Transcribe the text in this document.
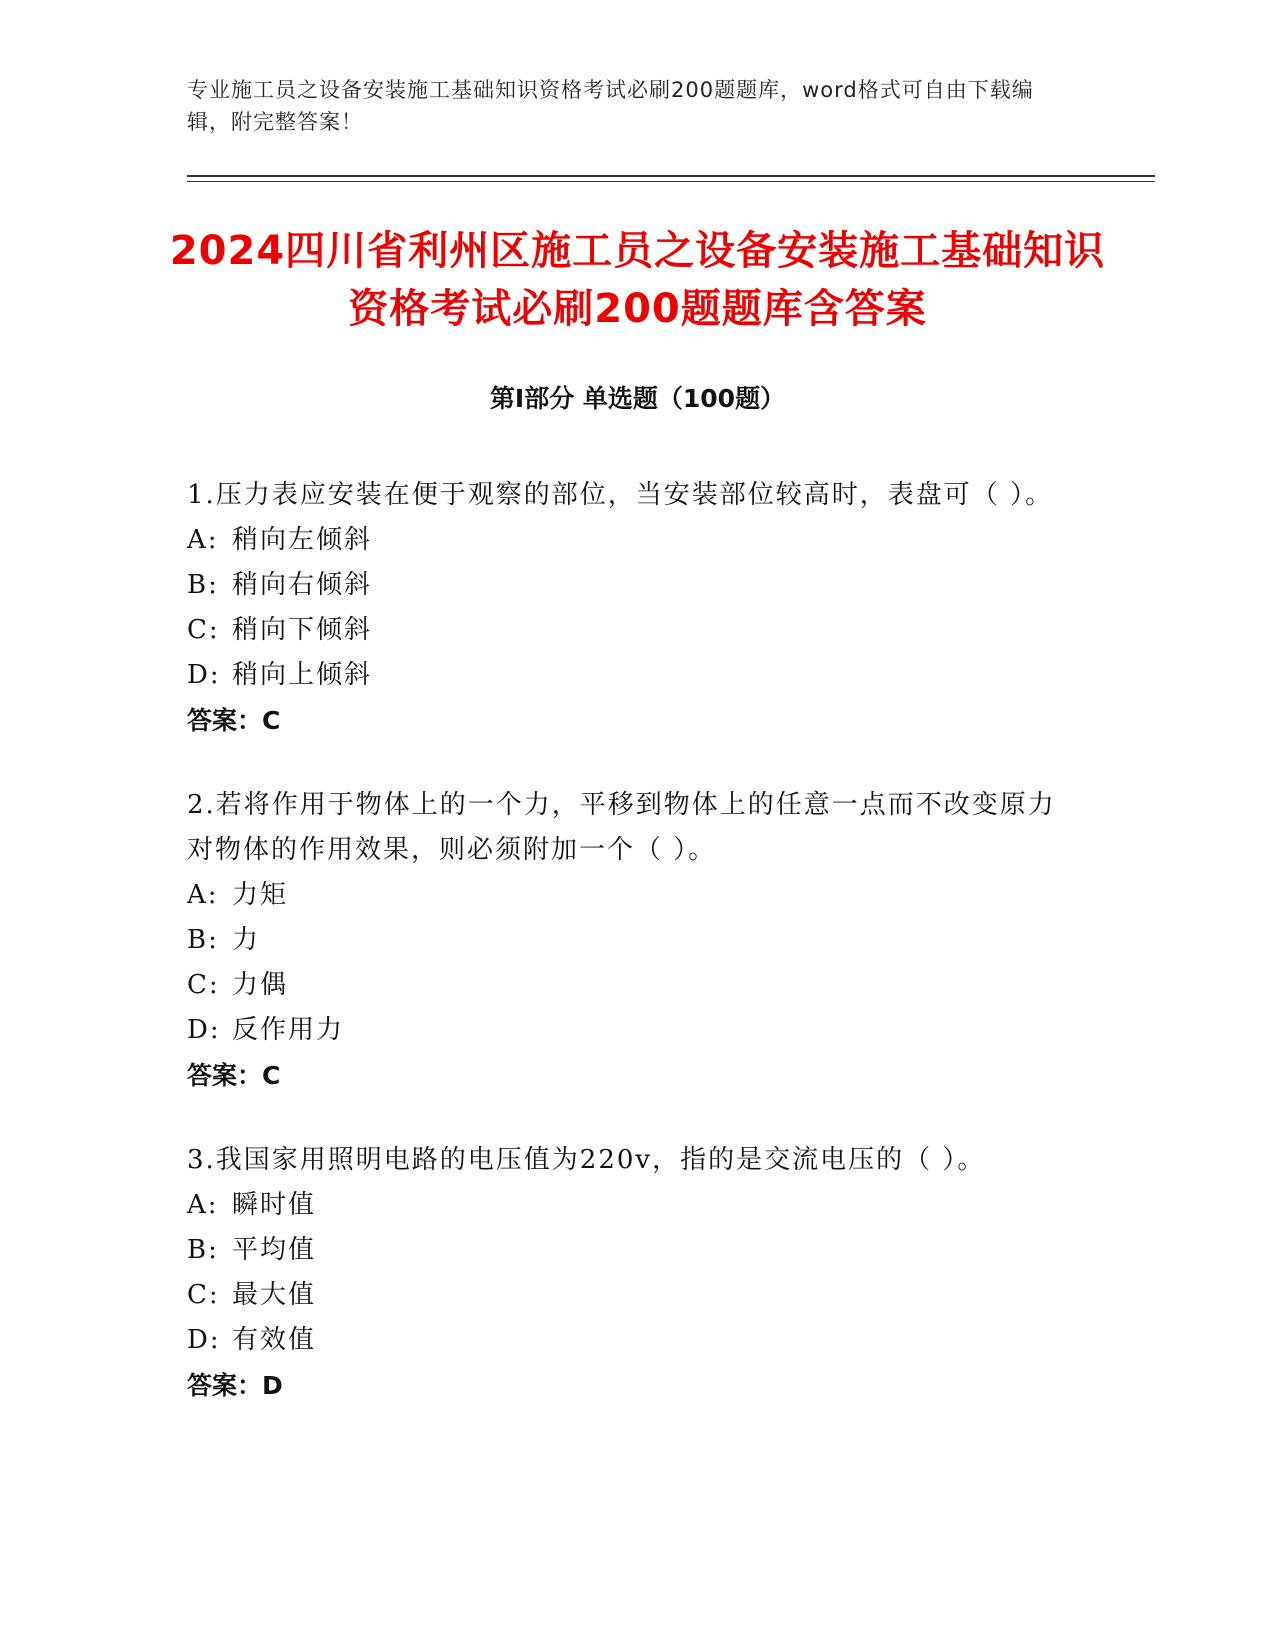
专业施工员之设备安装施工基础知识资格考试必刷200题题库，word格式可自由下载编辑，附完整答案！
2024四川省利州区施工员之设备安装施工基础知识资格考试必刷200题题库含答案
第I部分 单选题（100题）
1.压力表应安装在便于观察的部位，当安装部位较高时，表盘可（ ）。
A: 稍向左倾斜
B: 稍向右倾斜
C: 稍向下倾斜
D: 稍向上倾斜
答案：C
2.若将作用于物体上的一个力，平移到物体上的任意一点而不改变原力对物体的作用效果，则必须附加一个（ ）。
A: 力矩
B: 力
C: 力偶
D: 反作用力
答案：C
3.我国家用照明电路的电压值为220v，指的是交流电压的（ ）。
A: 瞬时值
B: 平均值
C: 最大值
D: 有效值
答案：D
